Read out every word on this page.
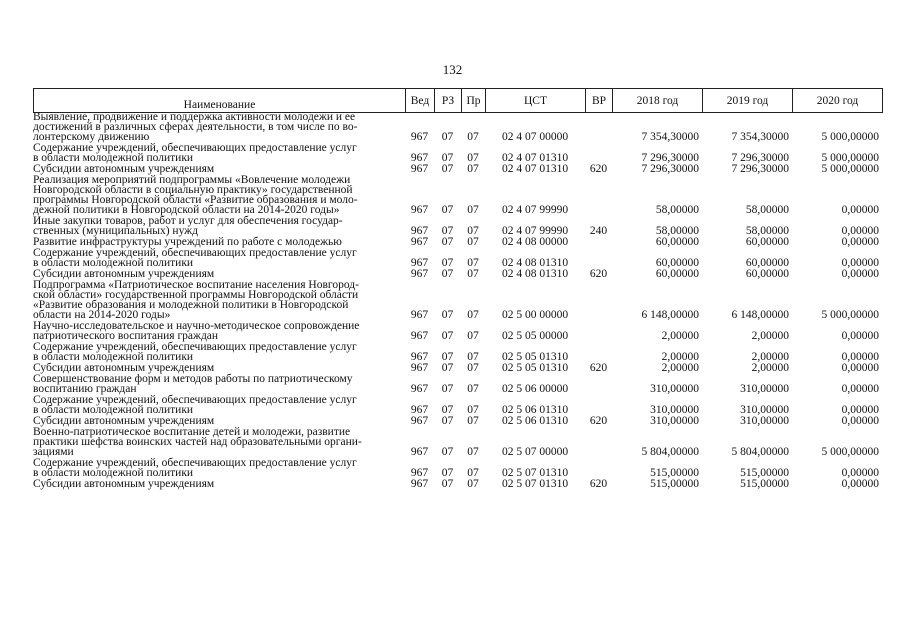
132
Наименование	Вед	РЗ	Пр	ЦСТ	ВР	2018 год	2019 год	2020 год
Выявление, продвижение и поддержка активности молодежи и ее
достижений в различных сферах деятельности, в том числе по во-
лонтерскому движению	967	07	07	02 4 07 00000		7 354,30000	7 354,30000	5 000,00000

Содержание учреждений, обеспечивающих предоставление услуг
в области молодежной политики	967	07	07	02 4 07 01310		7 296,30000	7 296,30000	5 000,00000

Субсидии автономным учреждениям	967	07	07	02 4 07 01310	620	7 296,30000	7 296,30000	5 000,00000

Реализация мероприятий подпрограммы «Вовлечение молодежи
Новгородской области в социальную практику» государственной
программы Новгородской области «Развитие образования и моло-
дежной политики в Новгородской области на 2014-2020 годы»	967	07	07	02 4 07 99990		58,00000	58,00000	0,00000

Иные закупки товаров, работ и услуг для обеспечения государ-
ственных (муниципальных) нужд	967	07	07	02 4 07 99990	240	58,00000	58,00000	0,00000

Развитие инфраструктуры учреждений по работе с молодежью	967	07	07	02 4 08 00000		60,00000	60,00000	0,00000

Содержание учреждений, обеспечивающих предоставление услуг
в области молодежной политики	967	07	07	02 4 08 01310		60,00000	60,00000	0,00000

Субсидии автономным учреждениям	967	07	07	02 4 08 01310	620	60,00000	60,00000	0,00000

Подпрограмма «Патриотическое воспитание населения Новгород-
ской области» государственной программы Новгородской области
«Развитие образования и молодежной политики в Новгородской
области на 2014-2020 годы»	967	07	07	02 5 00 00000		6 148,00000	6 148,00000	5 000,00000

Научно-исследовательское и научно-методическое сопровождение
патриотического воспитания граждан	967	07	07	02 5 05 00000		2,00000	2,00000	0,00000

Содержание учреждений, обеспечивающих предоставление услуг
в области молодежной политики	967	07	07	02 5 05 01310		2,00000	2,00000	0,00000

Субсидии автономным учреждениям	967	07	07	02 5 05 01310	620	2,00000	2,00000	0,00000

Совершенствование форм и методов работы по патриотическому
воспитанию граждан	967	07	07	02 5 06 00000		310,00000	310,00000	0,00000

Содержание учреждений, обеспечивающих предоставление услуг
в области молодежной политики	967	07	07	02 5 06 01310		310,00000	310,00000	0,00000

Субсидии автономным учреждениям	967	07	07	02 5 06 01310	620	310,00000	310,00000	0,00000

Военно-патриотическое воспитание детей и молодежи, развитие
практики шефства воинских частей над образовательными органи-
зациями	967	07	07	02 5 07 00000		5 804,00000	5 804,00000	5 000,00000

Содержание учреждений, обеспечивающих предоставление услуг
в области молодежной политики	967	07	07	02 5 07 01310		515,00000	515,00000	0,00000

Субсидии автономным учреждениям	967	07	07	02 5 07 01310	620	515,00000	515,00000	0,00000
